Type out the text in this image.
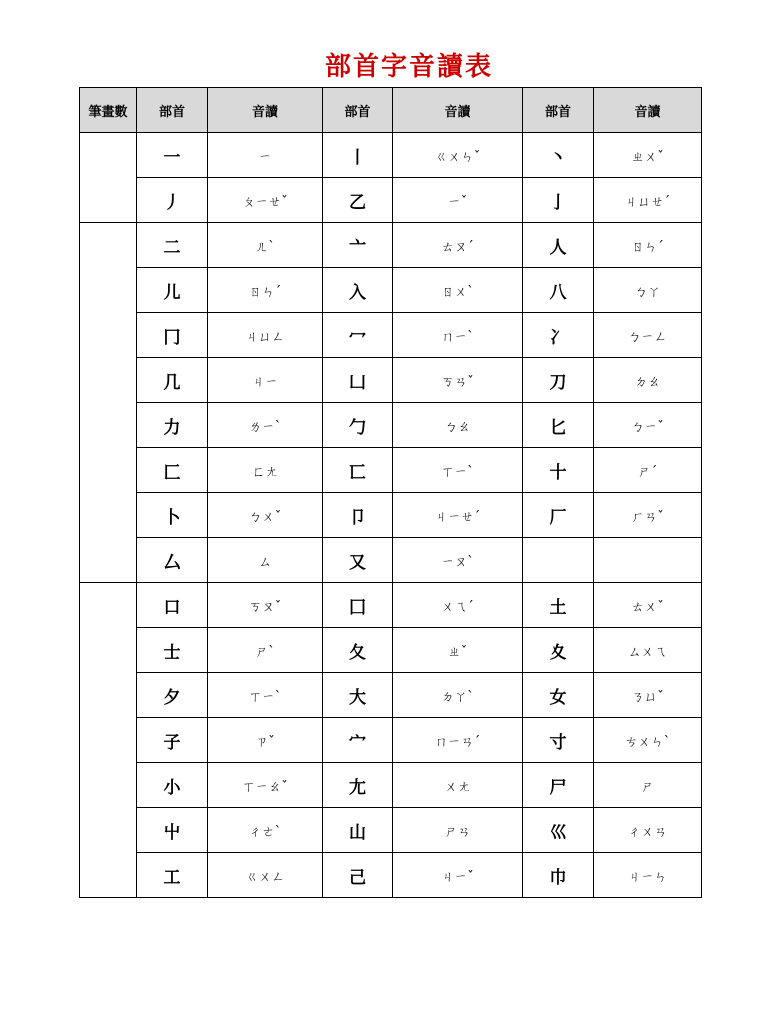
部首字音讀表
筆畫數	部首	音讀	部首	音讀	部首	音讀
	一	ㄧ	丨	ㄍㄨㄣˇ	丶	ㄓㄨˇ
	丿	ㄆㄧㄝˇ	乙	ㄧˇ	亅	ㄐㄩㄝˊ
	二	ㄦˋ	亠	ㄊㄡˊ	人	ㄖㄣˊ
	儿	ㄖㄣˊ	入	ㄖㄨˋ	八	ㄅㄚ
	冂	ㄐㄩㄥ	冖	ㄇㄧˋ	冫	ㄅㄧㄥ
	几	ㄐㄧ	凵	ㄎㄢˇ	刀	ㄉㄠ
	力	ㄌㄧˋ	勹	ㄅㄠ	匕	ㄅㄧˇ
	匚	ㄈㄤ	匸	ㄒㄧˋ	十	ㄕˊ
	卜	ㄅㄨˇ	卩	ㄐㄧㄝˊ	厂	ㄏㄢˇ
	厶	ㄙ	又	ㄧㄡˋ		
	口	ㄎㄡˇ	囗	ㄨㄟˊ	土	ㄊㄨˇ
	士	ㄕˋ	夂	ㄓˇ	夊	ㄙㄨㄟ
	夕	ㄒㄧˋ	大	ㄉㄚˋ	女	ㄋㄩˇ
	子	ㄗˇ	宀	ㄇㄧㄢˊ	寸	ㄘㄨㄣˋ
	小	ㄒㄧㄠˇ	尢	ㄨㄤ	尸	ㄕ
	屮	ㄔㄜˋ	山	ㄕㄢ	巛	ㄔㄨㄢ
	工	ㄍㄨㄥ	己	ㄐㄧˇ	巾	ㄐㄧㄣ
